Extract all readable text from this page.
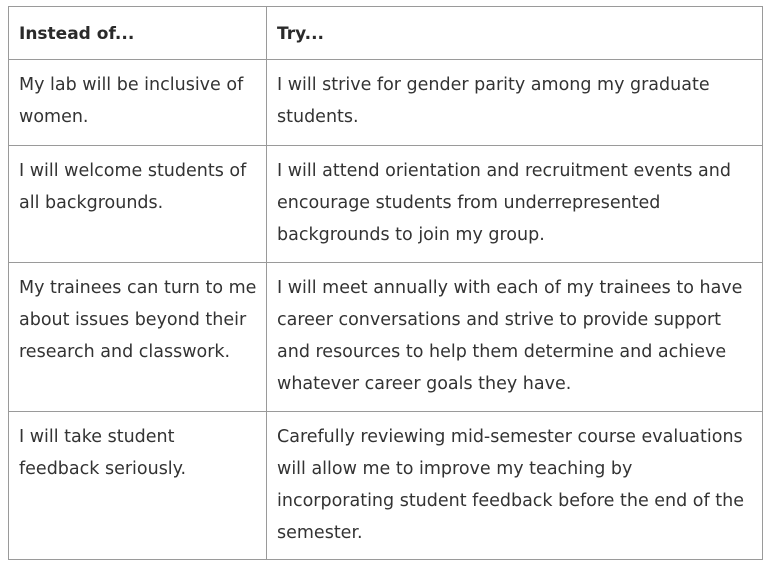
Instead of...	Try...
My lab will be inclusive of women.	I will strive for gender parity among my graduate students.
I will welcome students of all backgrounds.	I will attend orientation and recruitment events and encourage students from underrepresented backgrounds to join my group.
My trainees can turn to me about issues beyond their research and classwork.	I will meet annually with each of my trainees to have career conversations and strive to provide support and resources to help them determine and achieve whatever career goals they have.
I will take student feedback seriously.	Carefully reviewing mid-semester course evaluations will allow me to improve my teaching by incorporating student feedback before the end of the semester.
